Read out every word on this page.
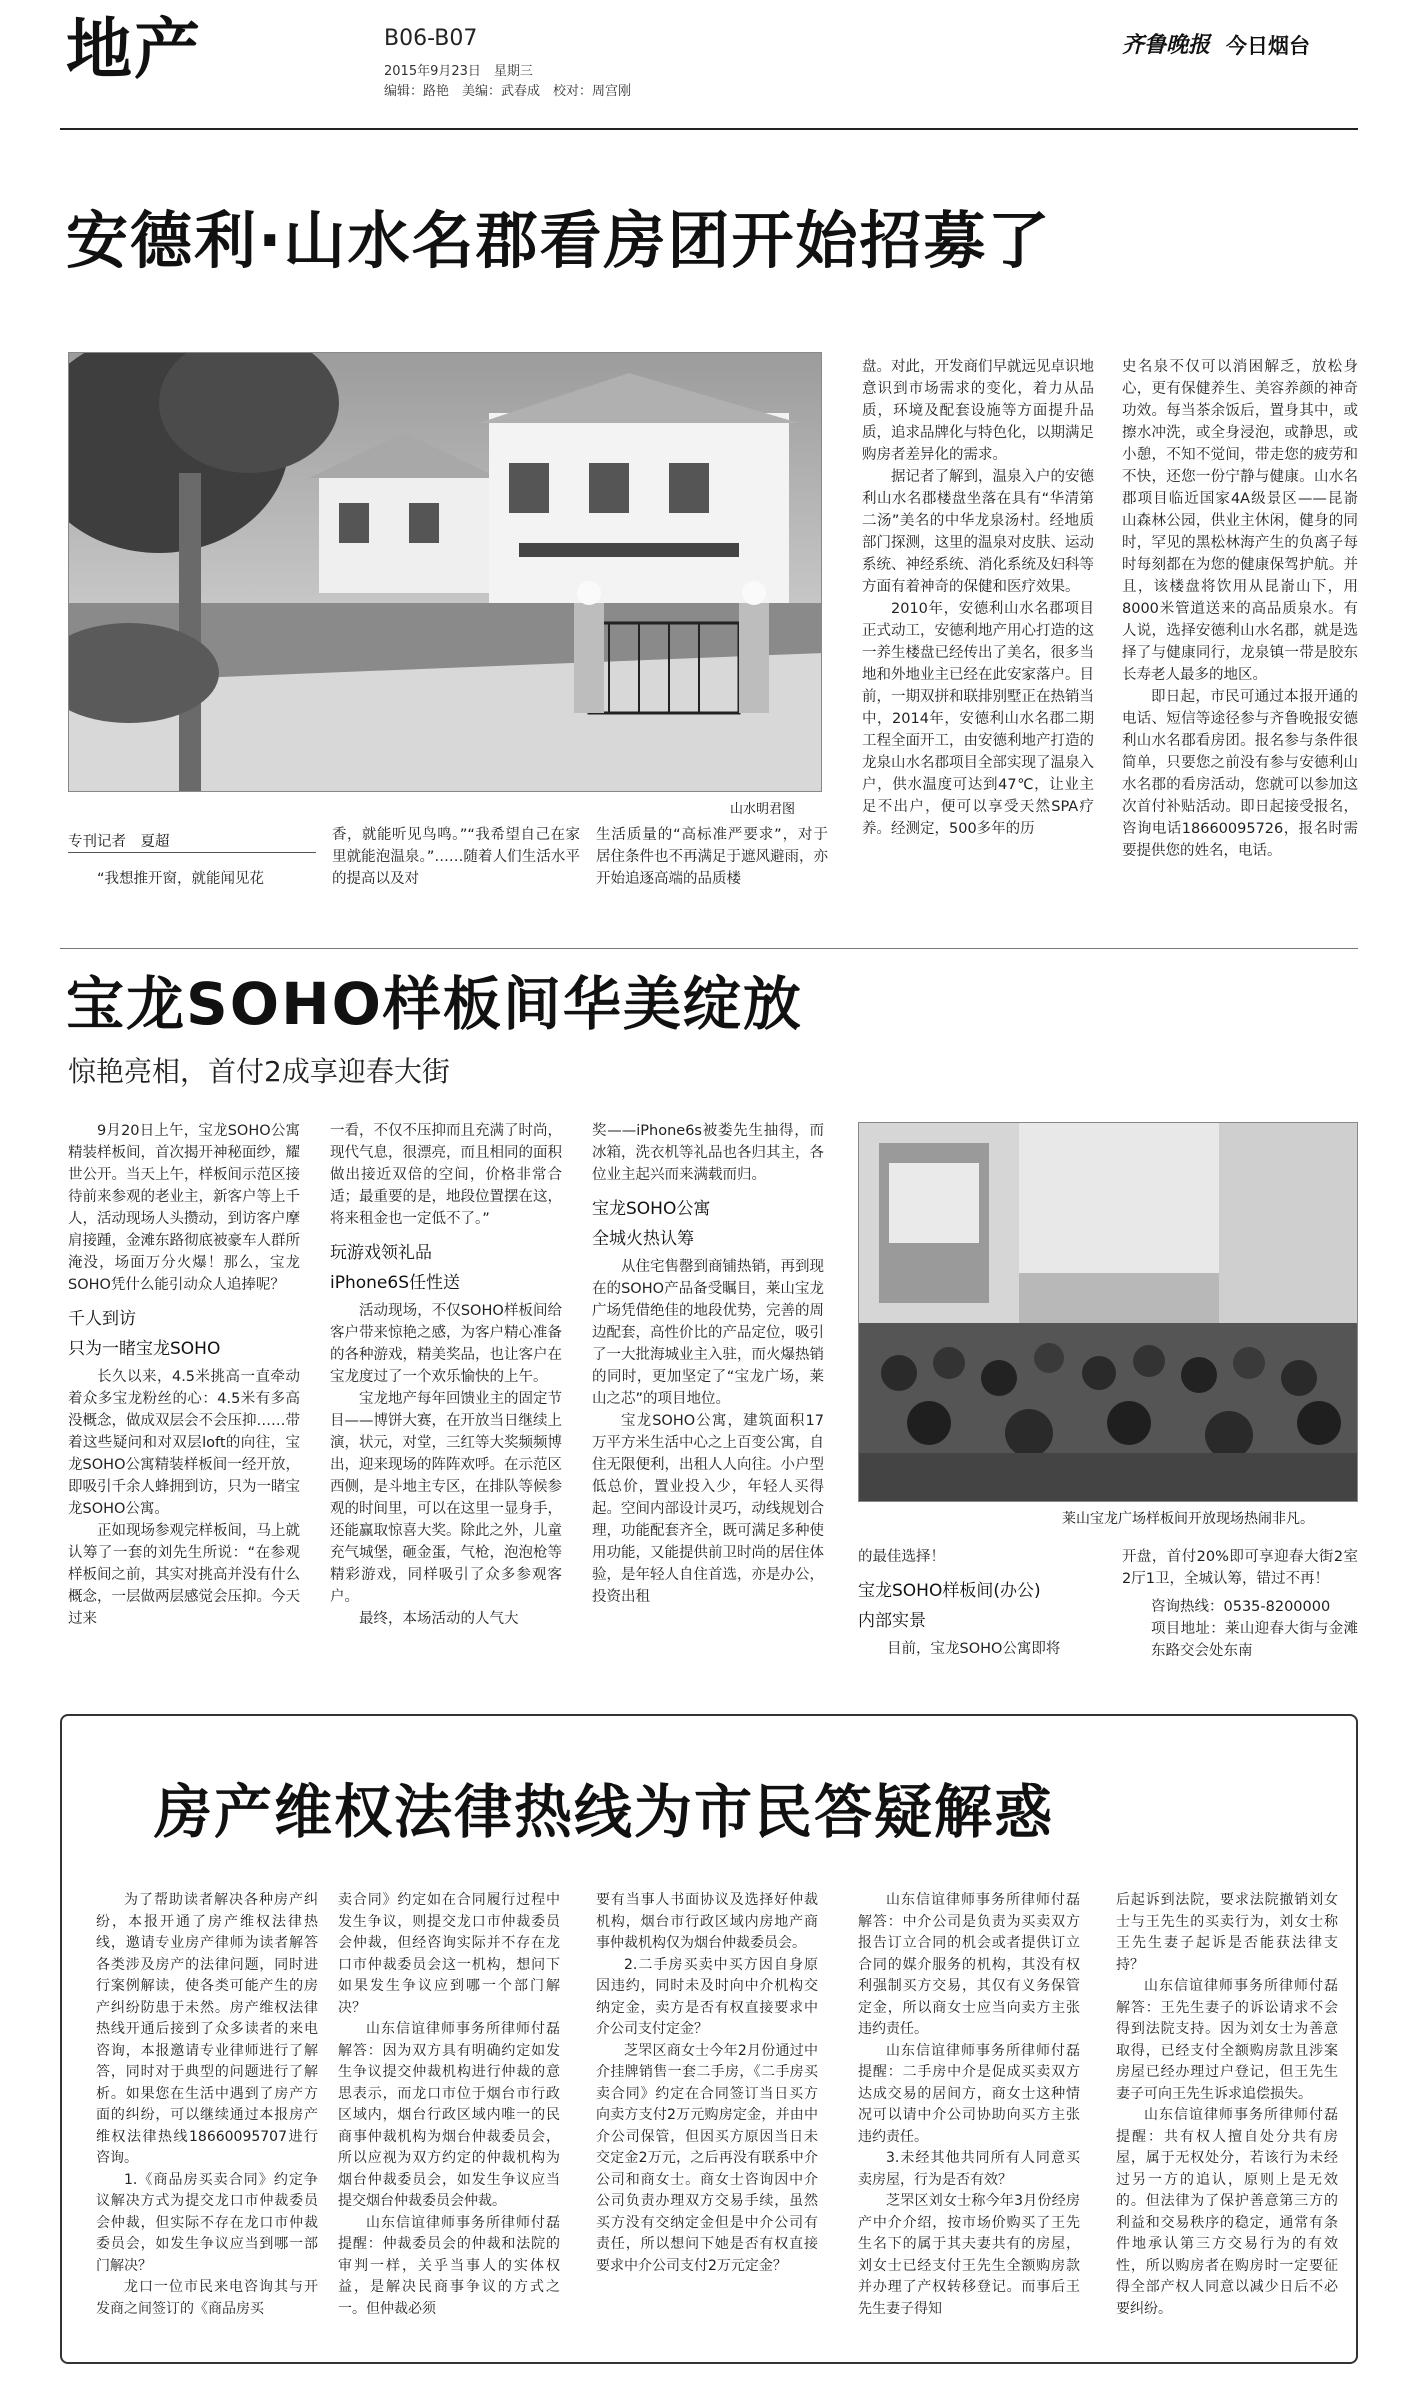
地产	B06-B07
2015年9月23日　星期三
编辑：路艳　美编：武春成　校对：周宫刚
齐鲁晚报 今日烟台
安德利·山水名郡看房团开始招募了
山水明君图
专刊记者　夏超

“我想推开窗，就能闻见花

香，就能听见鸟鸣。”“我希望自己在家里就能泡温泉。”……随着人们生活水平的提高以及对

生活质量的“高标准严要求”，对于居住条件也不再满足于遮风避雨，亦开始追逐高端的品质楼

盘。对此，开发商们早就远见卓识地意识到市场需求的变化，着力从品质，环境及配套设施等方面提升品质，追求品牌化与特色化，以期满足购房者差异化的需求。

据记者了解到，温泉入户的安德利山水名郡楼盘坐落在具有“华清第二汤”美名的中华龙泉汤村。经地质部门探测，这里的温泉对皮肤、运动系统、神经系统、消化系统及妇科等方面有着神奇的保健和医疗效果。

2010年，安德利山水名郡项目正式动工，安德利地产用心打造的这一养生楼盘已经传出了美名，很多当地和外地业主已经在此安家落户。目前，一期双拼和联排别墅正在热销当中，2014年，安德利山水名郡二期工程全面开工，由安德利地产打造的龙泉山水名郡项目全部实现了温泉入户，供水温度可达到47℃，让业主足不出户，便可以享受天然SPA疗养。经测定，500多年的历

史名泉不仅可以消困解乏，放松身心，更有保健养生、美容养颜的神奇功效。每当茶余饭后，置身其中，或擦水冲洗，或全身浸泡，或静思，或小憩，不知不觉间，带走您的疲劳和不快，还您一份宁静与健康。山水名郡项目临近国家4A级景区——昆嵛山森林公园，供业主休闲，健身的同时，罕见的黑松林海产生的负离子每时每刻都在为您的健康保驾护航。并且，该楼盘将饮用从昆嵛山下，用8000米管道送来的高品质泉水。有人说，选择安德利山水名郡，就是选择了与健康同行，龙泉镇一带是胶东长寿老人最多的地区。

即日起，市民可通过本报开通的电话、短信等途径参与齐鲁晚报安德利山水名郡看房团。报名参与条件很简单，只要您之前没有参与安德利山水名郡的看房活动，您就可以参加这次首付补贴活动。即日起接受报名，咨询电话18660095726，报名时需要提供您的姓名，电话。

宝龙SOHO样板间华美绽放
惊艳亮相，首付2成享迎春大街

9月20日上午，宝龙SOHO公寓精装样板间，首次揭开神秘面纱，耀世公开。当天上午，样板间示范区接待前来参观的老业主，新客户等上千人，活动现场人头攒动，到访客户摩肩接踵，金滩东路彻底被豪车人群所淹没，场面万分火爆！那么，宝龙SOHO凭什么能引动众人追捧呢？

千人到访
只为一睹宝龙SOHO

长久以来，4.5米挑高一直牵动着众多宝龙粉丝的心：4.5米有多高没概念，做成双层会不会压抑……带着这些疑问和对双层loft的向往，宝龙SOHO公寓精装样板间一经开放，即吸引千余人蜂拥到访，只为一睹宝龙SOHO公寓。

正如现场参观完样板间，马上就认筹了一套的刘先生所说：“在参观样板间之前，其实对挑高并没有什么概念，一层做两层感觉会压抑。今天过来

一看，不仅不压抑而且充满了时尚，现代气息，很漂亮，而且相同的面积做出接近双倍的空间，价格非常合适；最重要的是，地段位置摆在这，将来租金也一定低不了。”

玩游戏领礼品
iPhone6S任性送

活动现场，不仅SOHO样板间给客户带来惊艳之感，为客户精心准备的各种游戏，精美奖品，也让客户在宝龙度过了一个欢乐愉快的上午。

宝龙地产每年回馈业主的固定节目——博饼大赛，在开放当日继续上演，状元，对堂，三红等大奖频频博出，迎来现场的阵阵欢呼。在示范区西侧，是斗地主专区，在排队等候参观的时间里，可以在这里一显身手，还能赢取惊喜大奖。除此之外，儿童充气城堡，砸金蛋，气枪，泡泡枪等精彩游戏，同样吸引了众多参观客户。

最终，本场活动的人气大

奖——iPhone6s被娄先生抽得，而冰箱，洗衣机等礼品也各归其主，各位业主起兴而来满载而归。

宝龙SOHO公寓
全城火热认筹

从住宅售罄到商铺热销，再到现在的SOHO产品备受瞩目，莱山宝龙广场凭借绝佳的地段优势，完善的周边配套，高性价比的产品定位，吸引了一大批海城业主入驻，而火爆热销的同时，更加坚定了“宝龙广场，莱山之芯”的项目地位。

宝龙SOHO公寓，建筑面积17万平方米生活中心之上百变公寓，自住无限便利，出租人人向往。小户型低总价，置业投入少，年轻人买得起。空间内部设计灵巧，动线规划合理，功能配套齐全，既可满足多种使用功能，又能提供前卫时尚的居住体验，是年轻人自住首选，亦是办公，投资出租

莱山宝龙广场样板间开放现场热闹非凡。

的最佳选择！

宝龙SOHO样板间(办公)
内部实景

目前，宝龙SOHO公寓即将

开盘，首付20%即可享迎春大街2室2厅1卫，全城认筹，错过不再！

咨询热线：0535-8200000

项目地址：莱山迎春大街与金滩东路交会处东南

房产维权法律热线为市民答疑解惑

为了帮助读者解决各种房产纠纷，本报开通了房产维权法律热线，邀请专业房产律师为读者解答各类涉及房产的法律问题，同时进行案例解读，使各类可能产生的房产纠纷防患于未然。房产维权法律热线开通后接到了众多读者的来电咨询，本报邀请专业律师进行了解答，同时对于典型的问题进行了解析。如果您在生活中遇到了房产方面的纠纷，可以继续通过本报房产维权法律热线18660095707进行咨询。

1.《商品房买卖合同》约定争议解决方式为提交龙口市仲裁委员会仲裁，但实际不存在龙口市仲裁委员会，如发生争议应当到哪一部门解决？

龙口一位市民来电咨询其与开发商之间签订的《商品房买

卖合同》约定如在合同履行过程中发生争议，则提交龙口市仲裁委员会仲裁，但经咨询实际并不存在龙口市仲裁委员会这一机构，想问下如果发生争议应到哪一个部门解决？

山东信谊律师事务所律师付磊解答：因为双方具有明确约定如发生争议提交仲裁机构进行仲裁的意思表示，而龙口市位于烟台市行政区域内，烟台行政区域内唯一的民商事仲裁机构为烟台仲裁委员会，所以应视为双方约定的仲裁机构为烟台仲裁委员会，如发生争议应当提交烟台仲裁委员会仲裁。

山东信谊律师事务所律师付磊提醒：仲裁委员会的仲裁和法院的审判一样，关乎当事人的实体权益，是解决民商事争议的方式之一。但仲裁必须

要有当事人书面协议及选择好仲裁机构，烟台市行政区域内房地产商事仲裁机构仅为烟台仲裁委员会。

2.二手房买卖中买方因自身原因违约，同时未及时向中介机构交纳定金，卖方是否有权直接要求中介公司支付定金？

芝罘区商女士今年2月份通过中介挂牌销售一套二手房，《二手房买卖合同》约定在合同签订当日买方向卖方支付2万元购房定金，并由中介公司保管，但因买方原因当日未交定金2万元，之后再没有联系中介公司和商女士。商女士咨询因中介公司负责办理双方交易手续，虽然买方没有交纳定金但是中介公司有责任，所以想问下她是否有权直接要求中介公司支付2万元定金？

山东信谊律师事务所律师付磊解答：中介公司是负责为买卖双方报告订立合同的机会或者提供订立合同的媒介服务的机构，其没有权利强制买方交易，其仅有义务保管定金，所以商女士应当向卖方主张违约责任。

山东信谊律师事务所律师付磊提醒：二手房中介是促成买卖双方达成交易的居间方，商女士这种情况可以请中介公司协助向买方主张违约责任。

3.未经其他共同所有人同意买卖房屋，行为是否有效？

芝罘区刘女士称今年3月份经房产中介介绍，按市场价购买了王先生名下的属于其夫妻共有的房屋，刘女士已经支付王先生全额购房款并办理了产权转移登记。而事后王先生妻子得知

后起诉到法院，要求法院撤销刘女士与王先生的买卖行为，刘女士称王先生妻子起诉是否能获法律支持？

山东信谊律师事务所律师付磊解答：王先生妻子的诉讼请求不会得到法院支持。因为刘女士为善意取得，已经支付全额购房款且涉案房屋已经办理过户登记，但王先生妻子可向王先生诉求追偿损失。

山东信谊律师事务所律师付磊提醒：共有权人擅自处分共有房屋，属于无权处分，若该行为未经过另一方的追认，原则上是无效的。但法律为了保护善意第三方的利益和交易秩序的稳定，通常有条件地承认第三方交易行为的有效性，所以购房者在购房时一定要征得全部产权人同意以减少日后不必要纠纷。
